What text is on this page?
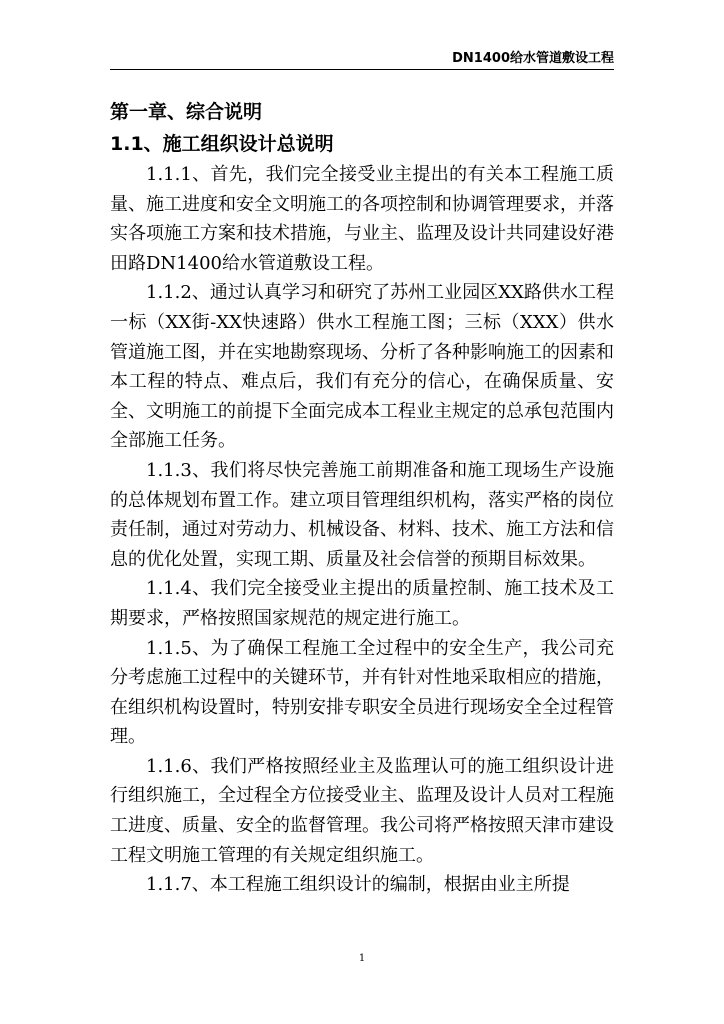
DN1400给水管道敷设工程
第一章、综合说明
1.1、施工组织设计总说明

1.1.1、首先，我们完全接受业主提出的有关本工程施工质量、施工进度和安全文明施工的各项控制和协调管理要求，并落实各项施工方案和技术措施，与业主、监理及设计共同建设好港田路DN1400给水管道敷设工程。

1.1.2、通过认真学习和研究了苏州工业园区XX路供水工程一标（XX街-XX快速路）供水工程施工图；三标（XXX）供水管道施工图，并在实地勘察现场、分析了各种影响施工的因素和本工程的特点、难点后，我们有充分的信心，在确保质量、安全、文明施工的前提下全面完成本工程业主规定的总承包范围内全部施工任务。

1.1.3、我们将尽快完善施工前期准备和施工现场生产设施的总体规划布置工作。建立项目管理组织机构，落实严格的岗位责任制，通过对劳动力、机械设备、材料、技术、施工方法和信息的优化处置，实现工期、质量及社会信誉的预期目标效果。

1.1.4、我们完全接受业主提出的质量控制、施工技术及工期要求，严格按照国家规范的规定进行施工。

1.1.5、为了确保工程施工全过程中的安全生产，我公司充分考虑施工过程中的关键环节，并有针对性地采取相应的措施，在组织机构设置时，特别安排专职安全员进行现场安全全过程管理。

1.1.6、我们严格按照经业主及监理认可的施工组织设计进行组织施工，全过程全方位接受业主、监理及设计人员对工程施工进度、质量、安全的监督管理。我公司将严格按照天津市建设工程文明施工管理的有关规定组织施工。

1.1.7、本工程施工组织设计的编制，根据由业主所提

1
